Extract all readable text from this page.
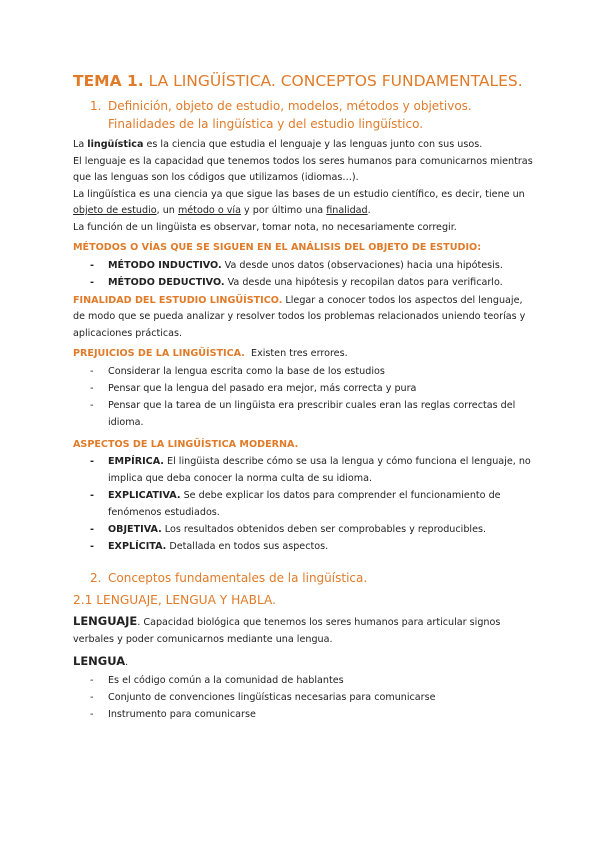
TEMA 1. LA LINGÜÍSTICA. CONCEPTOS FUNDAMENTALES.

1. Definición, objeto de estudio, modelos, métodos y objetivos. Finalidades de la lingüística y del estudio lingüístico.

La lingüística es la ciencia que estudia el lenguaje y las lenguas junto con sus usos.

El lenguaje es la capacidad que tenemos todos los seres humanos para comunicarnos mientras que las lenguas son los códigos que utilizamos (idiomas…).

La lingüística es una ciencia ya que sigue las bases de un estudio científico, es decir, tiene un objeto de estudio, un método o vía y por último una finalidad.

La función de un lingüista es observar, tomar nota, no necesariamente corregir.

MÉTODOS O VÍAS QUE SE SIGUEN EN EL ANÁLISIS DEL OBJETO DE ESTUDIO:

-	MÉTODO INDUCTIVO. Va desde unos datos (observaciones) hacia una hipótesis.
-	MÉTODO DEDUCTIVO. Va desde una hipótesis y recopilan datos para verificarlo.

FINALIDAD DEL ESTUDIO LINGÜÍSTICO. Llegar a conocer todos los aspectos del lenguaje, de modo que se pueda analizar y resolver todos los problemas relacionados uniendo teorías y aplicaciones prácticas.

PREJUICIOS DE LA LINGÜÍSTICA.  Existen tres errores.

-	Considerar la lengua escrita como la base de los estudios
-	Pensar que la lengua del pasado era mejor, más correcta y pura
-	Pensar que la tarea de un lingüista era prescribir cuales eran las reglas correctas del idioma.

ASPECTOS DE LA LINGÜÍSTICA MODERNA.

-	EMPÍRICA. El lingüista describe cómo se usa la lengua y cómo funciona el lenguaje, no implica que deba conocer la norma culta de su idioma.
-	EXPLICATIVA. Se debe explicar los datos para comprender el funcionamiento de fenómenos estudiados.
-	OBJETIVA. Los resultados obtenidos deben ser comprobables y reproducibles.
-	EXPLÍCITA. Detallada en todos sus aspectos.
2. Conceptos fundamentales de la lingüística.

2.1 LENGUAJE, LENGUA Y HABLA.

LENGUAJE. Capacidad biológica que tenemos los seres humanos para articular signos verbales y poder comunicarnos mediante una lengua.

LENGUA.

-	Es el código común a la comunidad de hablantes
-	Conjunto de convenciones lingüísticas necesarias para comunicarse
-	Instrumento para comunicarse
